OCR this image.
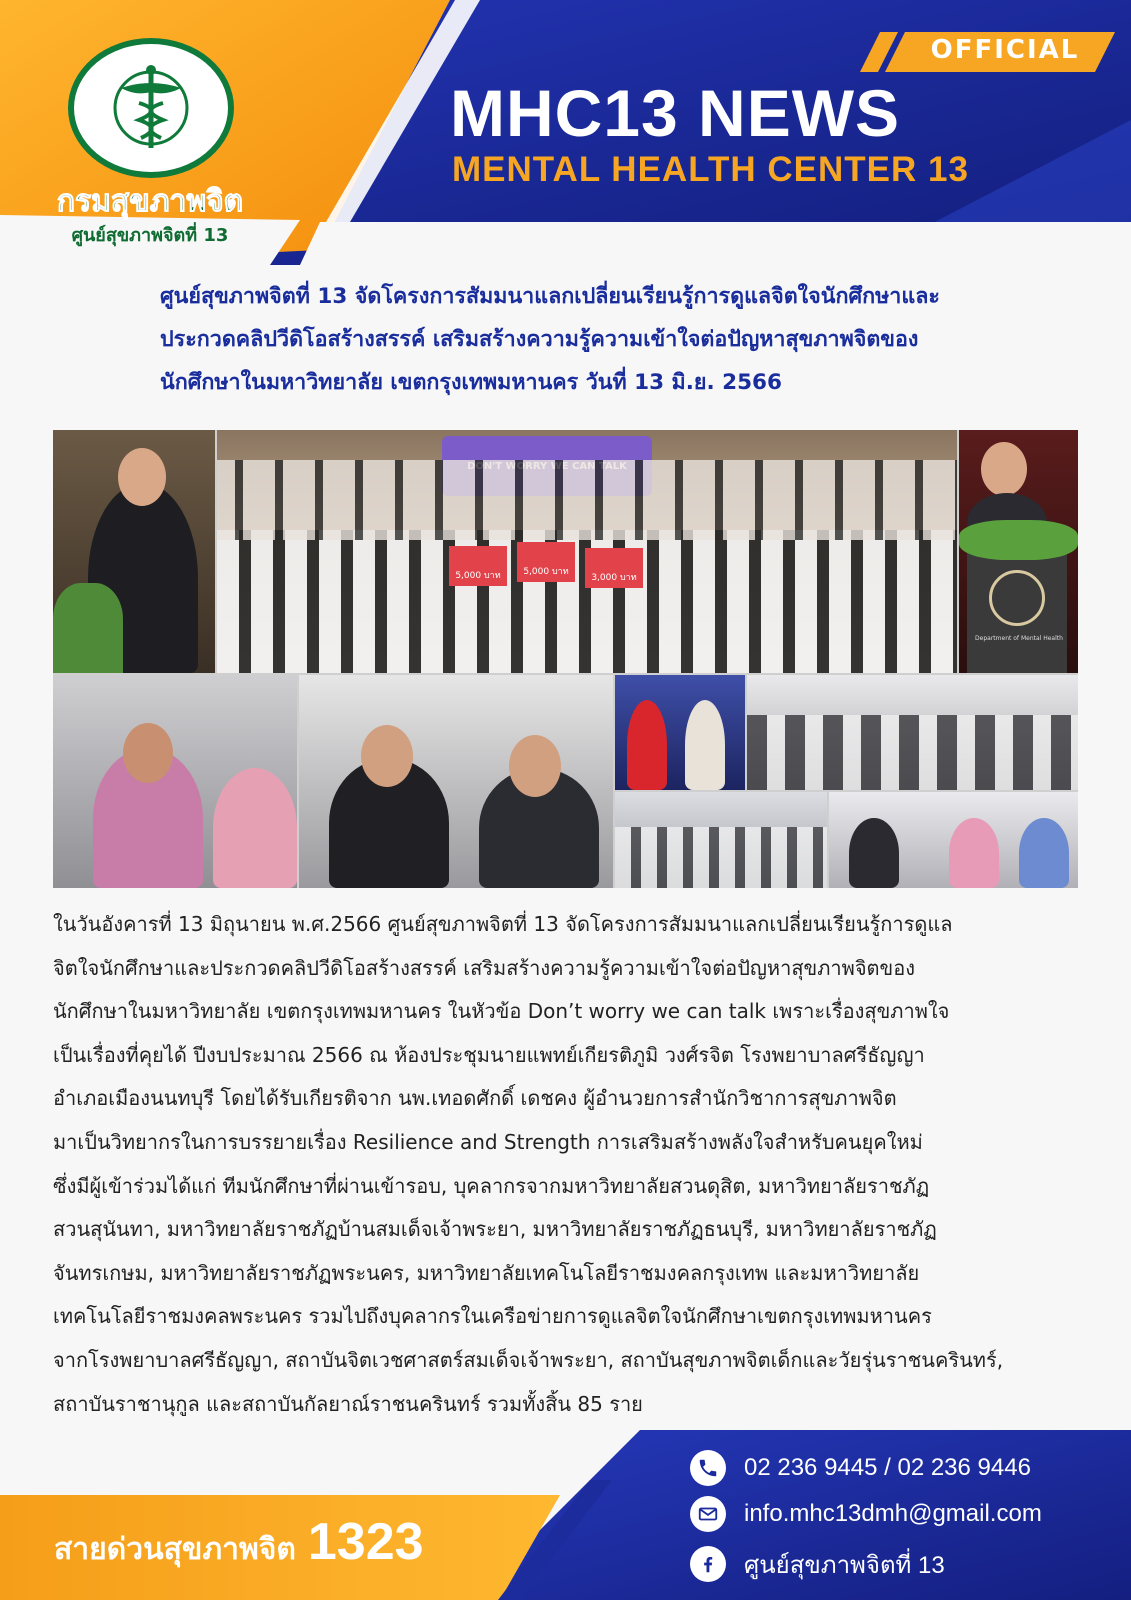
กรมสุขภาพจิต
ศูนย์สุขภาพจิตที่ 13
OFFICIAL
MHC13 NEWS
MENTAL HEALTH CENTER 13
ศูนย์สุขภาพจิตที่ 13 จัดโครงการสัมมนาแลกเปลี่ยนเรียนรู้การดูแลจิตใจนักศึกษาและ
ประกวดคลิปวีดิโอสร้างสรรค์ เสริมสร้างความรู้ความเข้าใจต่อปัญหาสุขภาพจิตของ
นักศึกษาในมหาวิทยาลัย เขตกรุงเทพมหานคร วันที่ 13 มิ.ย. 2566
5,000 บาท	5,000 บาท
3,000 บาท
Department of Mental Health
ในวันอังคารที่ 13 มิถุนายน พ.ศ.2566 ศูนย์สุขภาพจิตที่ 13 จัดโครงการสัมมนาแลกเปลี่ยนเรียนรู้การดูแล
จิตใจนักศึกษาและประกวดคลิปวีดิโอสร้างสรรค์ เสริมสร้างความรู้ความเข้าใจต่อปัญหาสุขภาพจิตของ
นักศึกษาในมหาวิทยาลัย เขตกรุงเทพมหานคร ในหัวข้อ Don’t worry we can talk เพราะเรื่องสุขภาพใจ
เป็นเรื่องที่คุยได้ ปีงบประมาณ 2566 ณ ห้องประชุมนายแพทย์เกียรติภูมิ วงศ์รจิต โรงพยาบาลศรีธัญญา
อำเภอเมืองนนทบุรี โดยได้รับเกียรติจาก นพ.เทอดศักดิ์ เดชคง ผู้อำนวยการสำนักวิชาการสุขภาพจิต
มาเป็นวิทยากรในการบรรยายเรื่อง Resilience and Strength การเสริมสร้างพลังใจสำหรับคนยุคใหม่
ซึ่งมีผู้เข้าร่วมได้แก่ ทีมนักศึกษาที่ผ่านเข้ารอบ, บุคลากรจากมหาวิทยาลัยสวนดุสิต, มหาวิทยาลัยราชภัฏ
สวนสุนันทา, มหาวิทยาลัยราชภัฏบ้านสมเด็จเจ้าพระยา, มหาวิทยาลัยราชภัฏธนบุรี, มหาวิทยาลัยราชภัฏ
จันทรเกษม, มหาวิทยาลัยราชภัฏพระนคร, มหาวิทยาลัยเทคโนโลยีราชมงคลกรุงเทพ และมหาวิทยาลัย
เทคโนโลยีราชมงคลพระนคร รวมไปถึงบุคลากรในเครือข่ายการดูแลจิตใจนักศึกษาเขตกรุงเทพมหานคร
จากโรงพยาบาลศรีธัญญา, สถาบันจิตเวชศาสตร์สมเด็จเจ้าพระยา, สถาบันสุขภาพจิตเด็กและวัยรุ่นราชนครินทร์,
สถาบันราชานุกูล และสถาบันกัลยาณ์ราชนครินทร์ รวมทั้งสิ้น 85 ราย
สายด่วนสุขภาพจิต 1323
02 236 9445 / 02 236 9446
info.mhc13dmh@gmail.com
ศูนย์สุขภาพจิตที่ 13
